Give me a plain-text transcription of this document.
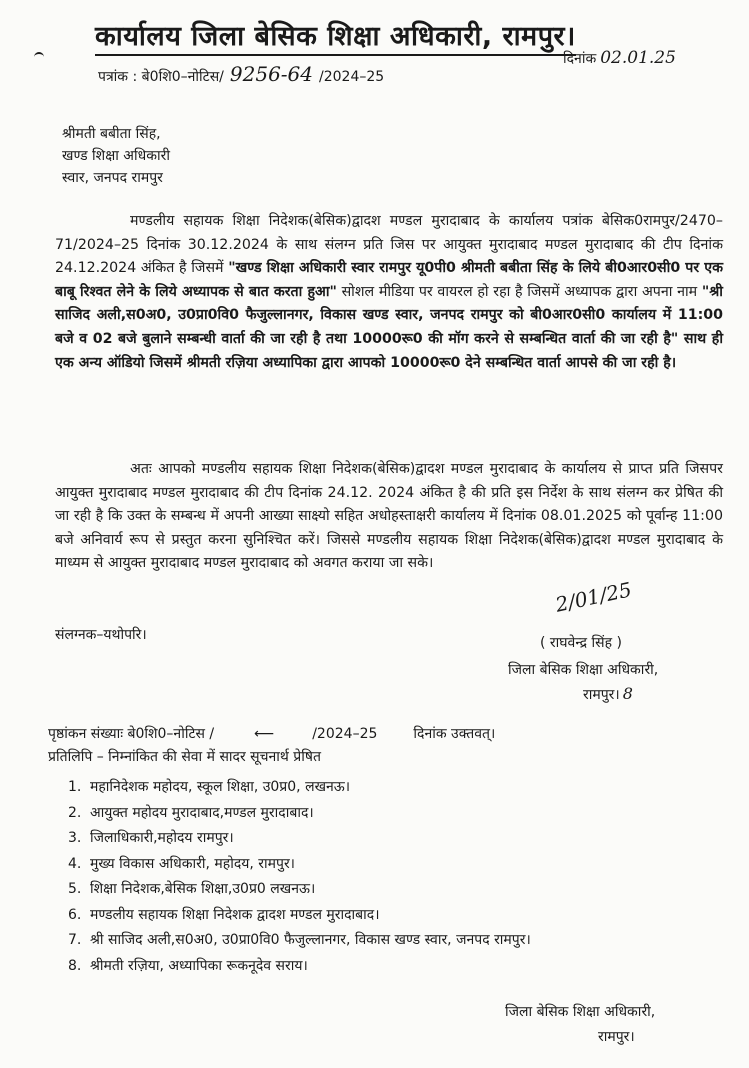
कार्यालय जिला बेसिक शिक्षा अधिकारी, रामपुर।
पत्रांक : बे0शि0–नोटिस/ 9256-64 /2024–25
दिनांक 02.01.25
श्रीमती बबीता सिंह,
खण्ड शिक्षा अधिकारी
स्वार, जनपद रामपुर
मण्डलीय सहायक शिक्षा निदेशक(बेसिक)द्वादश मण्डल मुरादाबाद के कार्यालय पत्रांक बेसिक0रामपुर/2470–71/2024–25 दिनांक 30.12.2024 के साथ संलग्न प्रति जिस पर आयुक्त मुरादाबाद मण्डल मुरादाबाद की टीप दिनांक 24.12.2024 अंकित है जिसमें "खण्ड शिक्षा अधिकारी स्वार रामपुर यू0पी0 श्रीमती बबीता सिंह के लिये बी0आर0सी0 पर एक बाबू रिश्वत लेने के लिये अध्यापक से बात करता हुआ" सोशल मीडिया पर वायरल हो रहा है जिसमें अध्यापक द्वारा अपना नाम "श्री साजिद अली,स0अ0, उ0प्रा0वि0 फैजुल्लानगर, विकास खण्ड स्वार, जनपद रामपुर को बी0आर0सी0 कार्यालय में 11:00 बजे व 02 बजे बुलाने सम्बन्धी वार्ता की जा रही है तथा 10000रू0 की मॉग करने से सम्बन्धित वार्ता की जा रही है" साथ ही एक अन्य ऑडियो जिसमें श्रीमती रज़िया अध्यापिका द्वारा आपको 10000रू0 देने सम्बन्धित वार्ता आपसे की जा रही है।
अतः आपको मण्डलीय सहायक शिक्षा निदेशक(बेसिक)द्वादश मण्डल मुरादाबाद के कार्यालय से प्राप्त प्रति जिसपर आयुक्त मुरादाबाद मण्डल मुरादाबाद की टीप दिनांक 24.12. 2024 अंकित है की प्रति इस निर्देश के साथ संलग्न कर प्रेषित की जा रही है कि उक्त के सम्बन्ध में अपनी आख्या साक्ष्यो सहित अधोहस्ताक्षरी कार्यालय में दिनांक 08.01.2025 को पूर्वान्ह 11:00 बजे अनिवार्य रूप से प्रस्तुत करना सुनिश्चित करें। जिससे मण्डलीय सहायक शिक्षा निदेशक(बेसिक)द्वादश मण्डल मुरादाबाद के माध्यम से आयुक्त मुरादाबाद मण्डल मुरादाबाद को अवगत कराया जा सके।
संलग्नक–यथोपरि।
2/01/25
( राघवेन्द्र सिंह )
जिला बेसिक शिक्षा अधिकारी,
रामपुर। 8
पृष्ठांकन संख्याः बे0शि0–नोटिस /	⟵	/2024–25	दिनांक उक्तवत्।
प्रतिलिपि – निम्नांकित की सेवा में सादर सूचनार्थ प्रेषित
1. महानिदेशक महोदय, स्कूल शिक्षा, उ0प्र0, लखनऊ।
2. आयुक्त महोदय मुरादाबाद,मण्डल मुरादाबाद।
3. जिलाधिकारी,महोदय रामपुर।
4. मुख्य विकास अधिकारी, महोदय, रामपुर।
5. शिक्षा निदेशक,बेसिक शिक्षा,उ0प्र0 लखनऊ।
6. मण्डलीय सहायक शिक्षा निदेशक द्वादश मण्डल मुरादाबाद।
7. श्री साजिद अली,स0अ0, उ0प्रा0वि0 फैजुल्लानगर, विकास खण्ड स्वार, जनपद रामपुर।
8. श्रीमती रज़िया, अध्यापिका रूकनूदेव सराय।
जिला बेसिक शिक्षा अधिकारी,
रामपुर।
